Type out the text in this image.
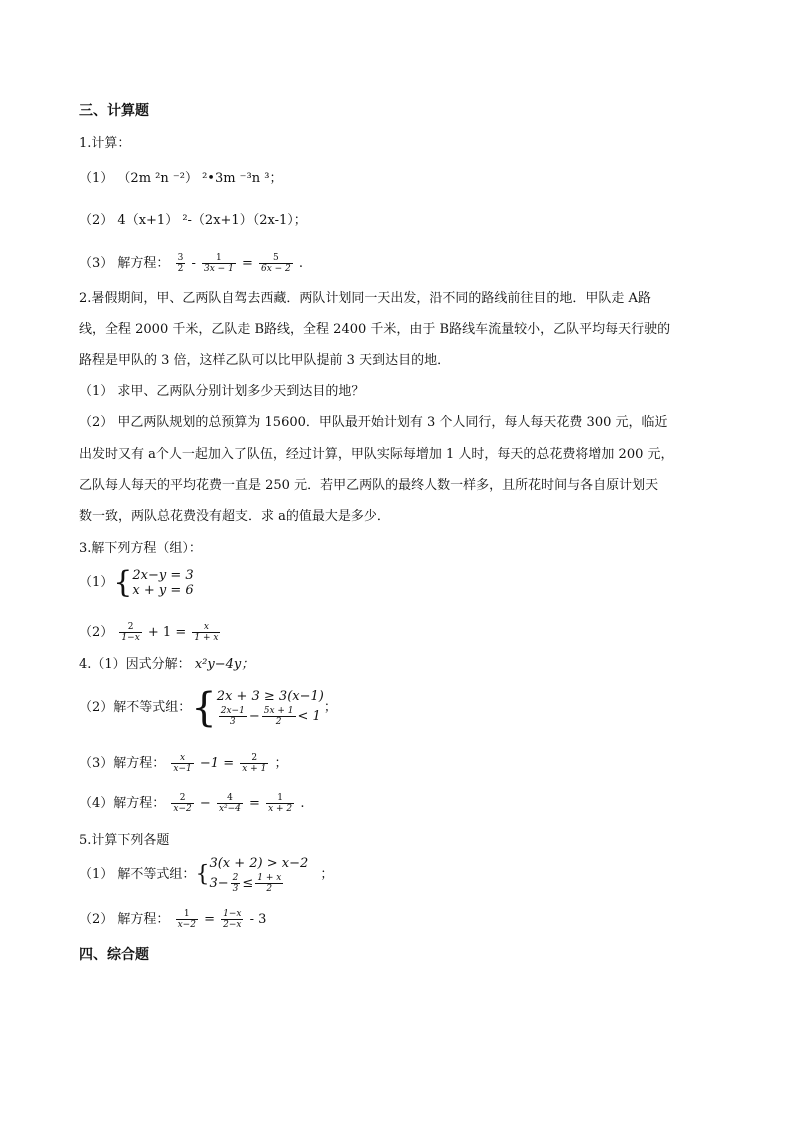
三、计算题
1.计算：
（1） （2m ²n ⁻²） ²•3m ⁻³n ³；
（2） 4（x+1） ²-（2x+1）（2x-1）；
（3） 解方程： $\frac{3}{2} - \frac{1}{3x - 1} = \frac{5}{6x - 2}$ .
2.暑假期间，甲、乙两队自驾去西藏．两队计划同一天出发，沿不同的路线前往目的地．甲队走 A路
线，全程 2000 千米，乙队走 B路线，全程 2400 千米，由于 B路线车流量较小，乙队平均每天行驶的
路程是甲队的 3 倍，这样乙队可以比甲队提前 3 天到达目的地．
（1） 求甲、乙两队分别计划多少天到达目的地？
（2） 甲乙两队规划的总预算为 15600．甲队最开始计划有 3 个人同行，每人每天花费 300 元，临近
出发时又有 a个人一起加入了队伍，经过计算，甲队实际每增加 1 人时，每天的总花费将增加 200 元，
乙队每人每天的平均花费一直是 250 元．若甲乙两队的最终人数一样多，且所花时间与各自原计划天
数一致，两队总花费没有超支．求 a的值最大是多少．
3.解下列方程（组）：
（1）{ 2x−y = 3
x + y = 6
$(2) \frac{2}{1-x} + 1 = \frac{x}{1 + x}$
4.（1）因式分解： x²y−4y；
（2）解不等式组：{ 2x + 3 ≥ 3(x−1)
$\frac{2x-1}{3} - \frac{5x + 1}{2} < 1$
；
（3）解方程： $\frac{x}{x-1} -1 = \frac{2}{x + 1}$ ；
（4）解方程： $\frac{2}{x-2} - \frac{4}{\text{x²−4}} = \frac{1}{x + 2}$ .
5.计算下列各题
（1） 解不等式组：{ 3(x + 2) > x−2
$3- \frac{2}{3} \le \frac{1 + x}{2}$	；
（2） 解方程： $\frac{1}{x-2} = \frac{1-x}{2-x} - 3$
四、综合题
